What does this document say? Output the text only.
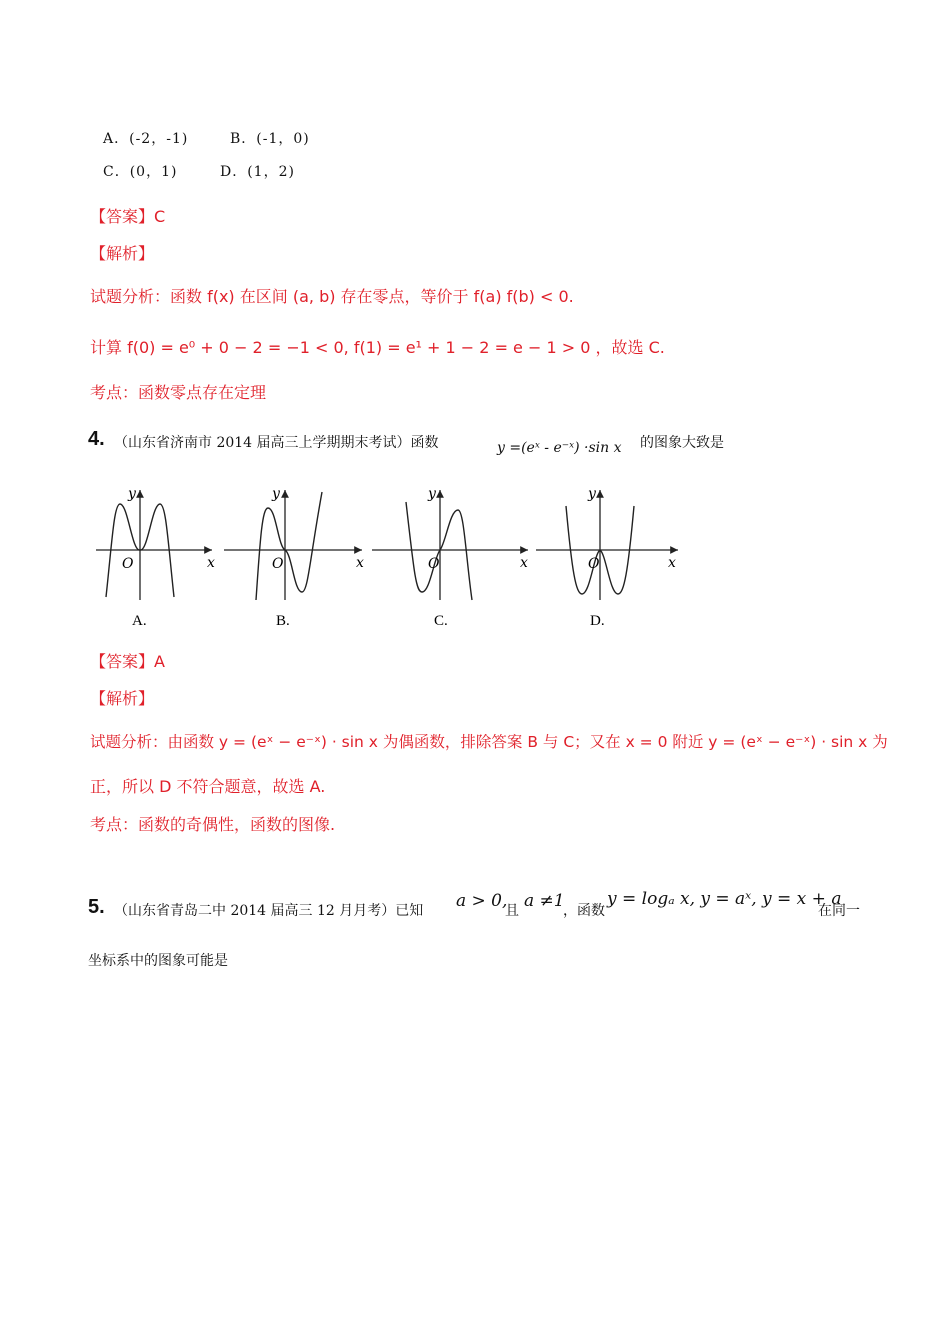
A．(-2，-1)	B．(-1，0)
C．(0，1)	D．(1，2)
【答案】C
【解析】
试题分析：函数 f(x) 在区间 (a, b) 存在零点，等价于 f(a) f(b) < 0.
计算 f(0) = e⁰ + 0 − 2 = −1 < 0, f(1) = e¹ + 1 − 2 = e − 1 > 0 ，故选 C.
考点：函数零点存在定理
4. （山东省济南市 2014 届高三上学期期末考试）函数	y =(eˣ - e⁻ˣ) ·sin x 的图象大致是
y
x
O
A.
y
x
O
B.
y
x
O
C.
y
x
O
D.
【答案】A
【解析】
试题分析：由函数 y = (eˣ − e⁻ˣ) · sin x 为偶函数，排除答案 B 与 C；又在 x = 0 附近 y = (eˣ − e⁻ˣ) · sin x 为
正，所以 D 不符合题意，故选 A.
考点：函数的奇偶性，函数的图像.
5. （山东省青岛二中 2014 届高三 12 月月考）已知 a > 0,
且 a ≠1
，函数
y = logₐ x, y = aˣ, y = x + a
在同一
坐标系中的图象可能是
